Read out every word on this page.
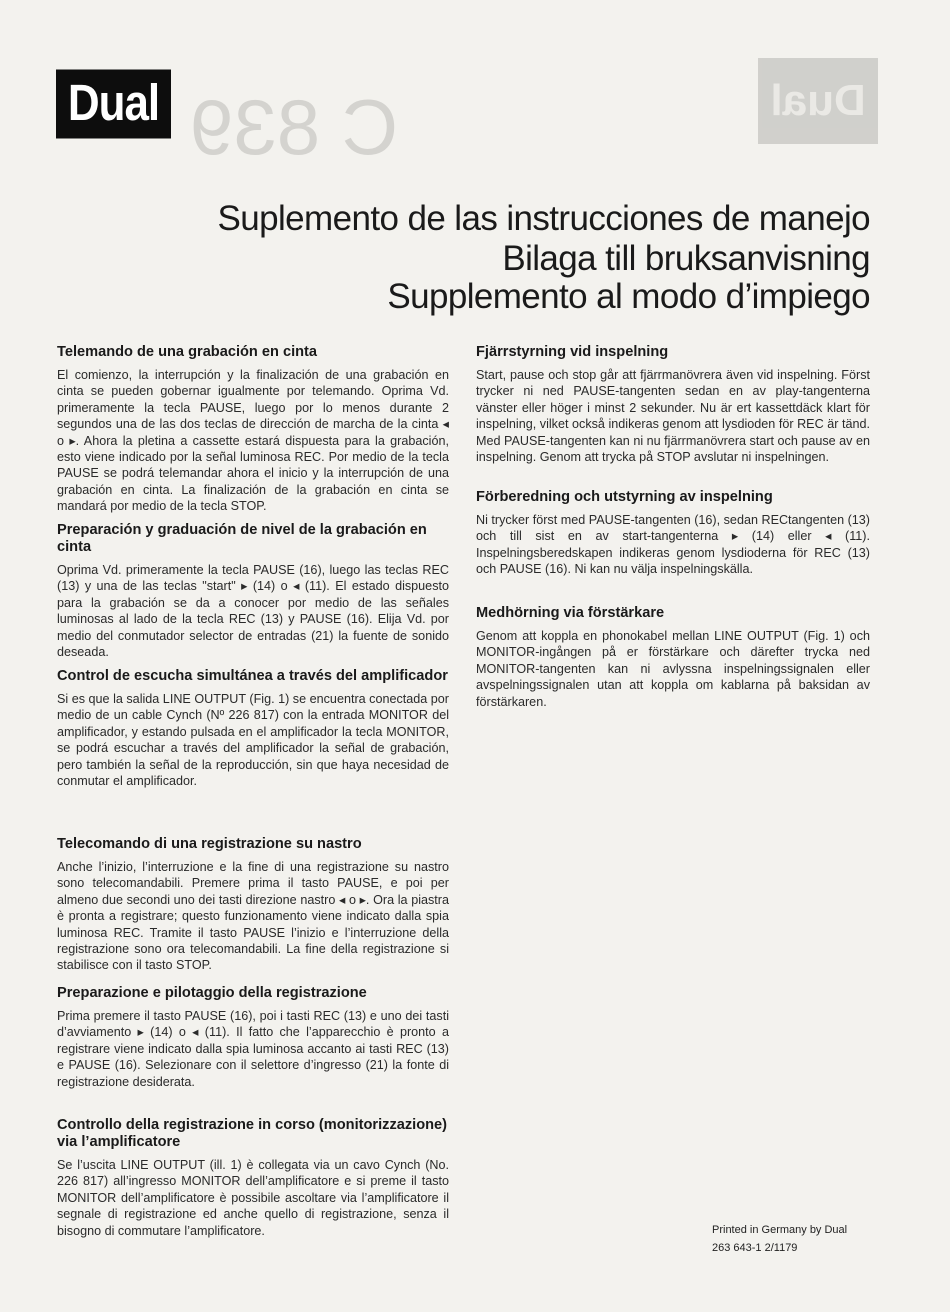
Dual
C 839
Dual
Suplemento de las instrucciones de manejo
Bilaga till bruksanvisning
Supplemento al modo d’impiego
Telemando de una grabación en cinta

El comienzo, la interrupción y la finalización de una grabación en cinta se pueden gobernar igualmente por telemando. Oprima Vd. primeramente la tecla PAUSE, luego por lo menos durante 2 segundos una de las dos teclas de dirección de marcha de la cinta ◂ o ▸. Ahora la pletina a cassette estará dispuesta para la grabación, esto viene indicado por la señal luminosa REC. Por medio de la tecla PAUSE se podrá telemandar ahora el inicio y la interrupción de una grabación en cinta. La finalización de la grabación en cinta se mandará por medio de la tecla STOP.

Preparación y graduación de nivel de la grabación en cinta

Oprima Vd. primeramente la tecla PAUSE (16), luego las teclas REC (13) y una de las teclas "start" ▸ (14) o ◂ (11). El estado dispuesto para la grabación se da a conocer por medio de las señales luminosas al lado de la tecla REC (13) y PAUSE (16). Elija Vd. por medio del conmutador selector de entradas (21) la fuente de sonido deseada.

Control de escucha simultánea a través del amplificador

Si es que la salida LINE OUTPUT (Fig. 1) se encuentra conectada por medio de un cable Cynch (Nº 226 817) con la entrada MONITOR del amplificador, y estando pulsada en el amplificador la tecla MONITOR, se podrá escuchar a través del amplificador la señal de grabación, pero también la señal de la reproducción, sin que haya necesidad de conmutar el amplificador.

Fjärrstyrning vid inspelning

Start, pause och stop går att fjärrmanövrera även vid inspelning. Först trycker ni ned PAUSE-tangenten sedan en av play-tangenterna vänster eller höger i minst 2 sekunder. Nu är ert kassettdäck klart för inspelning, vilket också indikeras genom att lysdioden för REC är tänd. Med PAUSE-tangenten kan ni nu fjärrmanövrera start och pause av en inspelning. Genom att trycka på STOP avslutar ni inspelningen.

Förberedning och utstyrning av inspelning

Ni trycker först med PAUSE-tangenten (16), sedan RECtangenten (13) och till sist en av start-tangenterna ▸ (14) eller ◂ (11). Inspelningsberedskapen indikeras genom lysdioderna för REC (13) och PAUSE (16). Ni kan nu välja inspelningskälla.

Medhörning via förstärkare

Genom att koppla en phonokabel mellan LINE OUTPUT (Fig. 1) och MONITOR-ingången på er förstärkare och därefter trycka ned MONITOR-tangenten kan ni avlyssna inspelningssignalen eller avspelningssignalen utan att koppla om kablarna på baksidan av förstärkaren.

Telecomando di una registrazione su nastro

Anche l’inizio, l’interruzione e la fine di una registrazione su nastro sono telecomandabili. Premere prima il tasto PAUSE, e poi per almeno due secondi uno dei tasti direzione nastro ◂ o ▸. Ora la piastra è pronta a registrare; questo funzionamento viene indicato dalla spia luminosa REC. Tramite il tasto PAUSE l’inizio e l’interruzione della registrazione sono ora telecomandabili. La fine della registrazione si stabilisce con il tasto STOP.

Preparazione e pilotaggio della registrazione

Prima premere il tasto PAUSE (16), poi i tasti REC (13) e uno dei tasti d’avviamento ▸ (14) o ◂ (11). Il fatto che l’apparecchio è pronto a registrare viene indicato dalla spia luminosa accanto ai tasti REC (13) e PAUSE (16). Selezionare con il selettore d’ingresso (21) la fonte di registrazione desiderata.

Controllo della registrazione in corso (monitorizzazione) via l’amplificatore

Se l’uscita LINE OUTPUT (ill. 1) è collegata via un cavo Cynch (No. 226 817) all’ingresso MONITOR dell’amplificatore e si preme il tasto MONITOR dell’amplificatore è possibile ascoltare via l’amplificatore il segnale di registrazione ed anche quello di registrazione, senza il bisogno di commutare l’amplificatore.	Printed in Germany by Dual
263 643-1 2/1179
